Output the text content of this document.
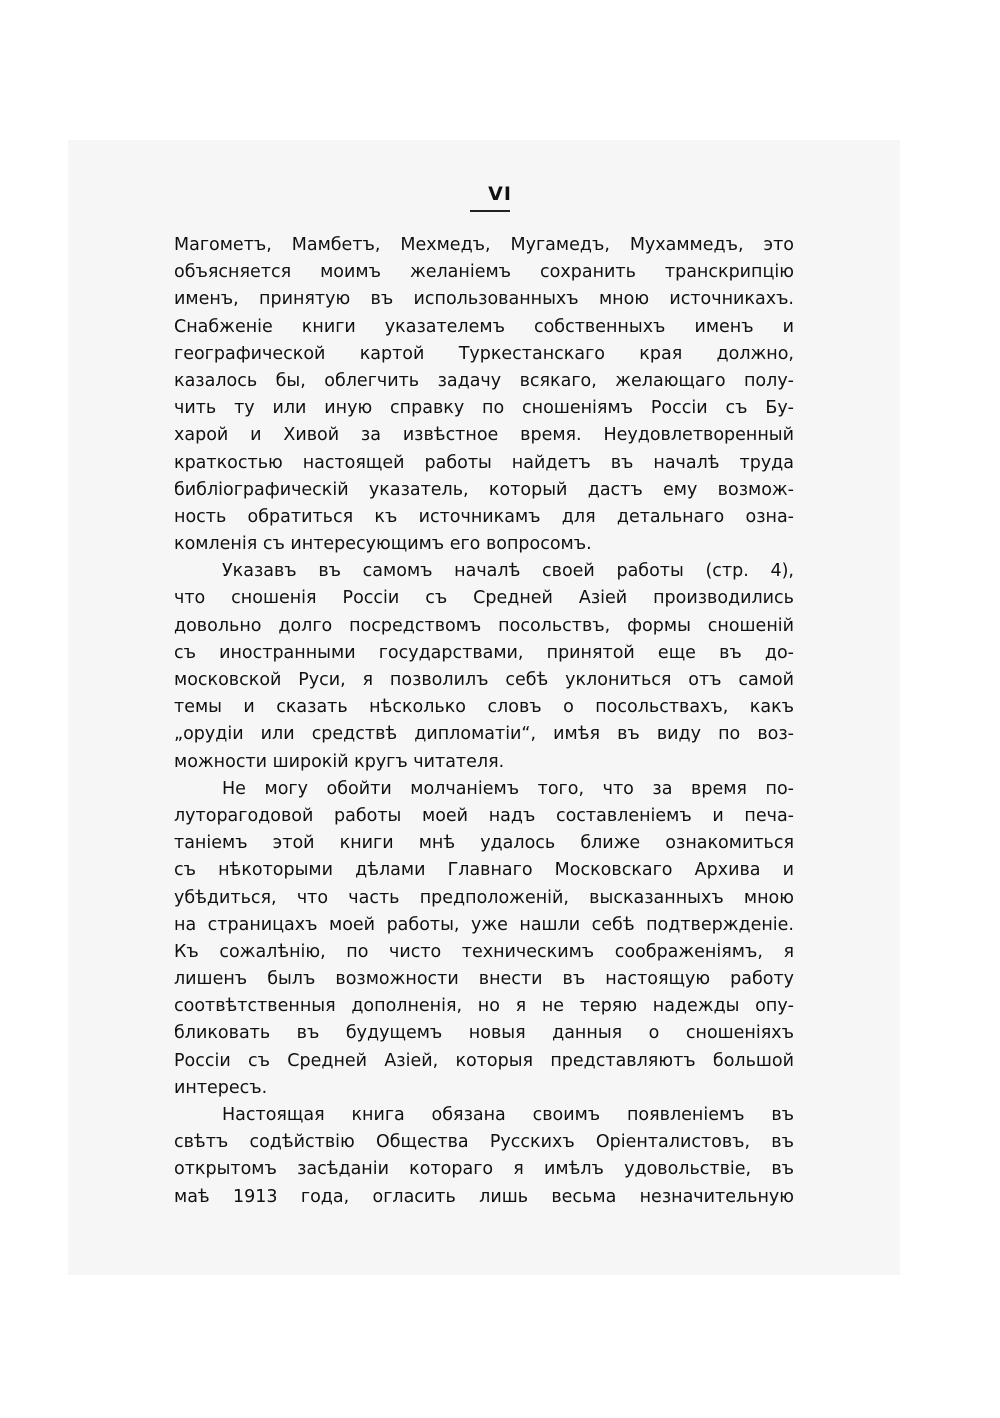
VI
Магометъ, Мамбетъ, Мехмедъ, Мугамедъ, Мухаммедъ, это
объясняется моимъ желаніемъ сохранить транскрипцію
именъ, принятую въ использованныхъ мною источникахъ.
Снабженіе книги указателемъ собственныхъ именъ и
географической картой Туркестанскаго края должно,
казалось бы, облегчить задачу всякаго, желающаго полу-
чить ту или иную справку по сношеніямъ Россіи съ Бу-
харой и Хивой за извѣстное время. Неудовлетворенный
краткостью настоящей работы найдетъ въ началѣ труда
библіографическій указатель, который дастъ ему возмож-
ность обратиться къ источникамъ для детальнаго озна-
комленія съ интересующимъ его вопросомъ.
Указавъ въ самомъ началѣ своей работы (стр. 4),
что сношенія Россіи съ Средней Азіей производились
довольно долго посредствомъ посольствъ, формы сношеній
съ иностранными государствами, принятой еще въ до-
московской Руси, я позволилъ себѣ уклониться отъ самой
темы и сказать нѣсколько словъ о посольствахъ, какъ
„орудіи или средствѣ дипломатіи“, имѣя въ виду по воз-
можности широкій кругъ читателя.
Не могу обойти молчаніемъ того, что за время по-
луторагодовой работы моей надъ составленіемъ и печа-
таніемъ этой книги мнѣ удалось ближе ознакомиться
съ нѣкоторыми дѣлами Главнаго Московскаго Архива и
убѣдиться, что часть предположеній, высказанныхъ мною
на страницахъ моей работы, уже нашли себѣ подтвержденіе.
Къ сожалѣнію, по чисто техническимъ соображеніямъ, я
лишенъ былъ возможности внести въ настоящую работу
соотвѣтственныя дополненія, но я не теряю надежды опу-
бликовать въ будущемъ новыя данныя о сношеніяхъ
Россіи съ Средней Азіей, которыя представляютъ большой
интересъ.
Настоящая книга обязана своимъ появленіемъ въ
свѣтъ содѣйствію Общества Русскихъ Оріенталистовъ, въ
открытомъ засѣданіи котораго я имѣлъ удовольствіе, въ
маѣ 1913 года, огласить лишь весьма незначительную
